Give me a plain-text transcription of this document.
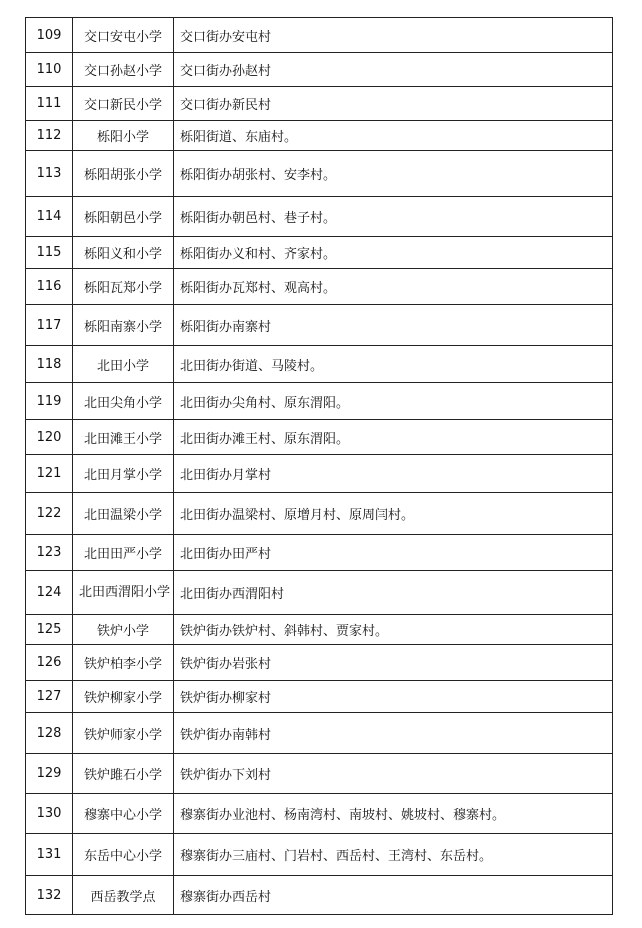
109	交口安屯小学	交口街办安屯村
110	交口孙赵小学	交口街办孙赵村
111	交口新民小学	交口街办新民村
112	栎阳小学	栎阳街道、东庙村。
113	栎阳胡张小学	栎阳街办胡张村、安李村。
114	栎阳朝邑小学	栎阳街办朝邑村、巷子村。
115	栎阳义和小学	栎阳街办义和村、齐家村。
116	栎阳瓦郑小学	栎阳街办瓦郑村、观高村。
117	栎阳南寨小学	栎阳街办南寨村
118	北田小学	北田街办街道、马陵村。
119	北田尖角小学	北田街办尖角村、原东渭阳。
120	北田滩王小学	北田街办滩王村、原东渭阳。
121	北田月掌小学	北田街办月掌村
122	北田温梁小学	北田街办温梁村、原增月村、原周闫村。
123	北田田严小学	北田街办田严村
124	北田西渭阳小学	北田街办西渭阳村
125	铁炉小学	铁炉街办铁炉村、斜韩村、贾家村。
126	铁炉柏李小学	铁炉街办岩张村
127	铁炉柳家小学	铁炉街办柳家村
128	铁炉师家小学	铁炉街办南韩村
129	铁炉雎石小学	铁炉街办下刘村
130	穆寨中心小学	穆寨街办业池村、杨南湾村、南坡村、姚坡村、穆寨村。
131	东岳中心小学	穆寨街办三庙村、门岩村、西岳村、王湾村、东岳村。
132	西岳教学点	穆寨街办西岳村
